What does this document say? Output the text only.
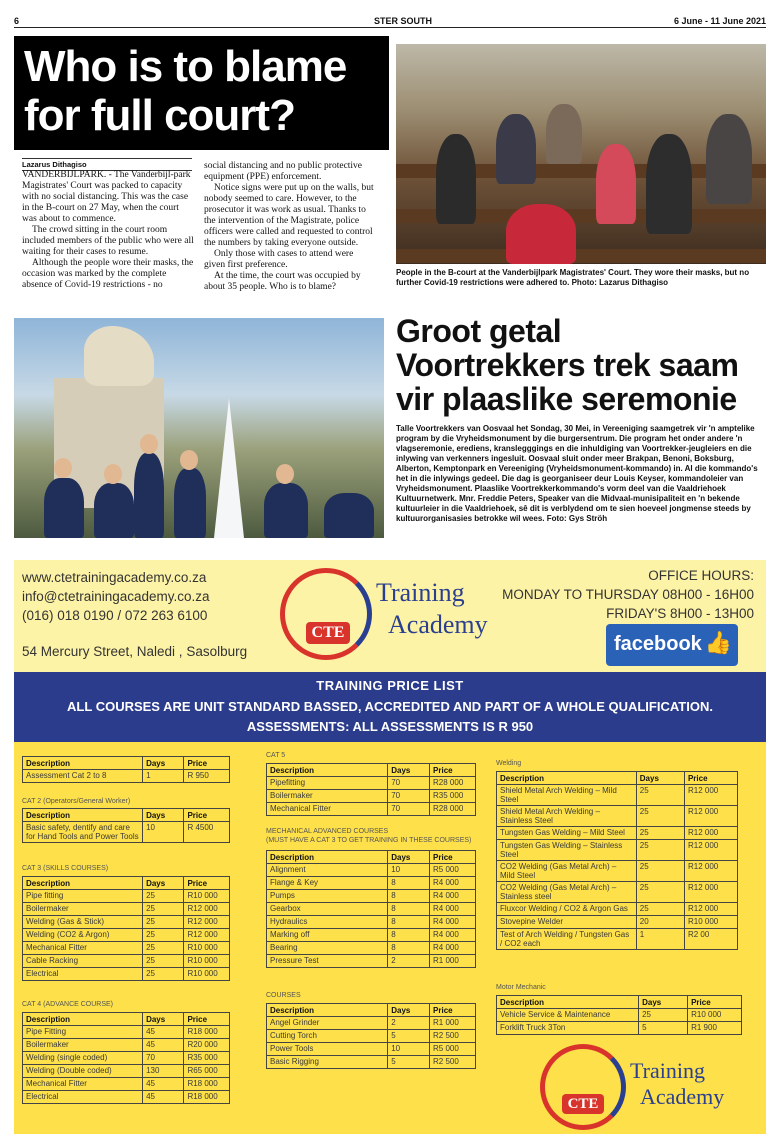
6	STER SOUTH	6 June - 11 June 2021
Who is to blame
for full court?
Lazarus Dithagiso

VANDERBIJLPARK. - The Vanderbijl-park Magistrates' Court was packed to capacity with no social distancing. This was the case in the B-court on 27 May, when the court was about to commence.

The crowd sitting in the court room included members of the public who were all waiting for their cases to resume.

Although the people wore their masks, the occasion was marked by the complete absence of Covid-19 restrictions - no

social distancing and no public protective equipment (PPE) enforcement.

Notice signs were put up on the walls, but nobody seemed to care. However, to the prosecutor it was work as usual. Thanks to the intervention of the Magistrate, police officers were called and requested to control the numbers by taking everyone outside.

Only those with cases to attend were given first preference.

At the time, the court was occupied by about 35 people. Who is to blame?

People in the B-court at the Vanderbijlpark Magistrates' Court. They wore their masks, but no further Covid-19 restrictions were adhered to. Photo: Lazarus Dithagiso
Groot getal
Voortrekkers trek saam
vir plaaslike seremonie
Talle Voortrekkers van Oosvaal het Sondag, 30 Mei, in Vereeniging saamgetrek vir 'n amptelike program by die Vryheidsmonument by die burgersentrum. Die program het onder andere 'n vlagseremonie, erediens, kranslegggings en die inhuldiging van Voortrekker-jeugleiers en die inlywing van verkenners ingesluit. Oosvaal sluit onder meer Brakpan, Benoni, Boksburg, Alberton, Kemptonpark en Vereeniging (Vryheidsmonument-kommando) in. Al die kommando's het in die inlywings gedeel. Die dag is georganiseer deur Louis Keyser, kommandoleier van Vryheidsmonument. Plaaslike Voortrekkerkommando's vorm deel van die Vaaldriehoek Kultuurnetwerk. Mnr. Freddie Peters, Speaker van die Midvaal-munisipaliteit en 'n bekende kultuurleier in die Vaaldriehoek, sê dit is verblydend om te sien hoeveel jongmense steeds by kultuurorganisasies betrokke wil wees. Foto: Gys Ströh
www.ctetrainingacademy.co.za
info@ctetrainingacademy.co.za
(016) 018 0190 / 072 263 6100
54 Mercury Street, Naledi , Sasolburg
CTE
Training
Academy
OFFICE HOURS:
MONDAY TO THURSDAY 08H00 - 16H00
FRIDAY'S 8H00 - 13H00
facebook 👍
TRAINING PRICE LIST
ALL COURSES ARE UNIT STANDARD BASSED, ACCREDITED AND PART OF A WHOLE QUALIFICATION.
ASSESSMENTS: ALL ASSESSMENTS IS R 950
Description	Days	Price
Assessment Cat 2 to 8	1	R 950
CAT 2 (Operators/General Worker)
Description	Days	Price
Basic safety, dentify and care for Hand Tools and Power Tools	10	R 4500
CAT 3 (SKILLS COURSES)
Description	Days	Price
Pipe fitting	25	R10 000
Boilermaker	25	R12 000
Welding (Gas & Stick)	25	R12 000
Welding (CO2 & Argon)	25	R12 000
Mechanical Fitter	25	R10 000
Cable Racking	25	R10 000
Electrical	25	R10 000
CAT 4 (ADVANCE COURSE)
Description	Days	Price
Pipe Fitting	45	R18 000
Boilermaker	45	R20 000
Welding (single coded)	70	R35 000
Welding (Double coded)	130	R65 000
Mechanical Fitter	45	R18 000
Electrical	45	R18 000
CAT 5
Description	Days	Price
Pipefitting	70	R28 000
Boilermaker	70	R35 000
Mechanical Fitter	70	R28 000
MECHANICAL ADVANCED COURSES
(MUST HAVE A CAT 3 TO GET TRAINING IN THESE COURSES)
Description	Days	Price
Alignment	10	R5 000
Flange & Key	8	R4 000
Pumps	8	R4 000
Gearbox	8	R4 000
Hydraulics	8	R4 000
Marking off	8	R4 000
Bearing	8	R4 000
Pressure Test	2	R1 000
COURSES
Description	Days	Price
Angel Grinder	2	R1 000
Cutting Torch	5	R2 500
Power Tools	10	R5 000
Basic Rigging	5	R2 500
Welding
Description	Days	Price
Shield Metal Arch Welding – Mild Steel	25	R12 000
Shield Metal Arch Welding – Stainless Steel	25	R12 000
Tungsten Gas Welding – Mild Steel	25	R12 000
Tungsten Gas Welding – Stainless Steel	25	R12 000
CO2 Welding (Gas Metal Arch) – Mild Steel	25	R12 000
CO2 Welding (Gas Metal Arch) – Stainless steel	25	R12 000
Fluxcor Welding / CO2 & Argon Gas	25	R12 000
Stovepine Welder	20	R10 000
Test of Arch Welding / Tungsten Gas / CO2 each	1	R2 00
Motor Mechanic
Description	Days	Price
Vehicle Service & Maintenance	25	R10 000
Forklift Truck 3Ton	5	R1 900
CTE
Training
Academy
